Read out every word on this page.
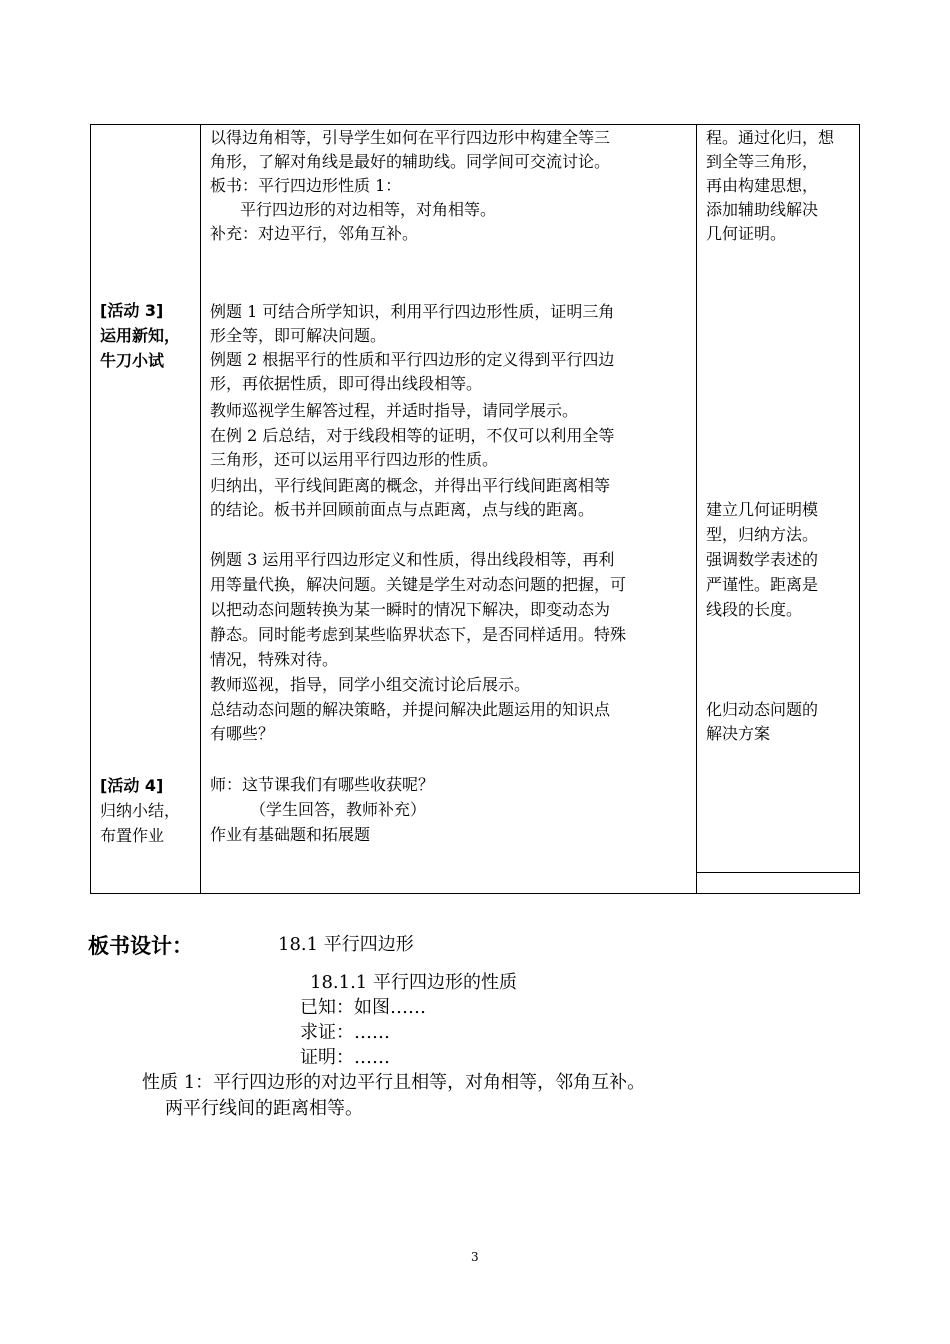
以得边角相等，引导学生如何在平行四边形中构建全等三
角形，了解对角线是最好的辅助线。同学间可交流讨论。
板书：平行四边形性质 1：
平行四边形的对边相等，对角相等。
补充：对边平行，邻角互补。
程。通过化归，想
到全等三角形，
再由构建思想，
添加辅助线解决
几何证明。
[活动 3]
运用新知，
牛刀小试
例题 1 可结合所学知识，利用平行四边形性质，证明三角
形全等，即可解决问题。
例题 2 根据平行的性质和平行四边形的定义得到平行四边
形，再依据性质，即可得出线段相等。
教师巡视学生解答过程，并适时指导，请同学展示。
在例 2 后总结，对于线段相等的证明，不仅可以利用全等
三角形，还可以运用平行四边形的性质。
归纳出，平行线间距离的概念，并得出平行线间距离相等
的结论。板书并回顾前面点与点距离，点与线的距离。
例题 3 运用平行四边形定义和性质，得出线段相等，再利
用等量代换，解决问题。关键是学生对动态问题的把握，可
以把动态问题转换为某一瞬时的情况下解决，即变动态为
静态。同时能考虑到某些临界状态下，是否同样适用。特殊
情况，特殊对待。
教师巡视，指导，同学小组交流讨论后展示。
总结动态问题的解决策略，并提问解决此题运用的知识点
有哪些？
建立几何证明模
型，归纳方法。
强调数学表述的
严谨性。距离是
线段的长度。
化归动态问题的
解决方案
[活动 4]
归纳小结，
布置作业
师：这节课我们有哪些收获呢？
（学生回答，教师补充）
作业有基础题和拓展题
板书设计：	18.1 平行四边形
18.1.1 平行四边形的性质
已知：如图……
求证：……
证明：……
性质 1：平行四边形的对边平行且相等，对角相等，邻角互补。
两平行线间的距离相等。
3
